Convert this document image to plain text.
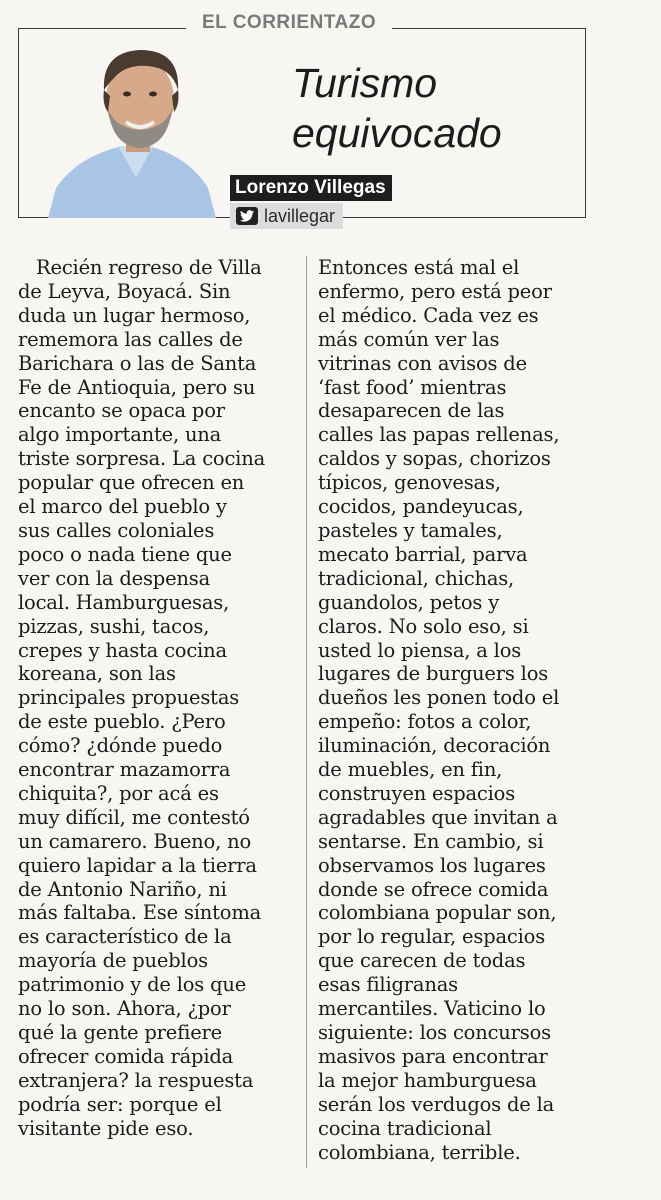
EL CORRIENTAZO
Turismo
equivocado
Lorenzo Villegas
lavillegar
Recién regreso de Villa
de Leyva, Boyacá. Sin
duda un lugar hermoso,
rememora las calles de
Barichara o las de Santa
Fe de Antioquia, pero su
encanto se opaca por
algo importante, una
triste sorpresa. La cocina
popular que ofrecen en
el marco del pueblo y
sus calles coloniales
poco o nada tiene que
ver con la despensa
local. Hamburguesas,
pizzas, sushi, tacos,
crepes y hasta cocina
koreana, son las
principales propuestas
de este pueblo. ¿Pero
cómo? ¿dónde puedo
encontrar mazamorra
chiquita?, por acá es
muy difícil, me contestó
un camarero. Bueno, no
quiero lapidar a la tierra
de Antonio Nariño, ni
más faltaba. Ese síntoma
es característico de la
mayoría de pueblos
patrimonio y de los que
no lo son. Ahora, ¿por
qué la gente prefiere
ofrecer comida rápida
extranjera? la respuesta
podría ser: porque el
visitante pide eso.
Entonces está mal el
enfermo, pero está peor
el médico. Cada vez es
más común ver las
vitrinas con avisos de
‘fast food’ mientras
desaparecen de las
calles las papas rellenas,
caldos y sopas, chorizos
típicos, genovesas,
cocidos, pandeyucas,
pasteles y tamales,
mecato barrial, parva
tradicional, chichas,
guandolos, petos y
claros. No solo eso, si
usted lo piensa, a los
lugares de burguers los
dueños les ponen todo el
empeño: fotos a color,
iluminación, decoración
de muebles, en fin,
construyen espacios
agradables que invitan a
sentarse. En cambio, si
observamos los lugares
donde se ofrece comida
colombiana popular son,
por lo regular, espacios
que carecen de todas
esas filigranas
mercantiles. Vaticino lo
siguiente: los concursos
masivos para encontrar
la mejor hamburguesa
serán los verdugos de la
cocina tradicional
colombiana, terrible.
